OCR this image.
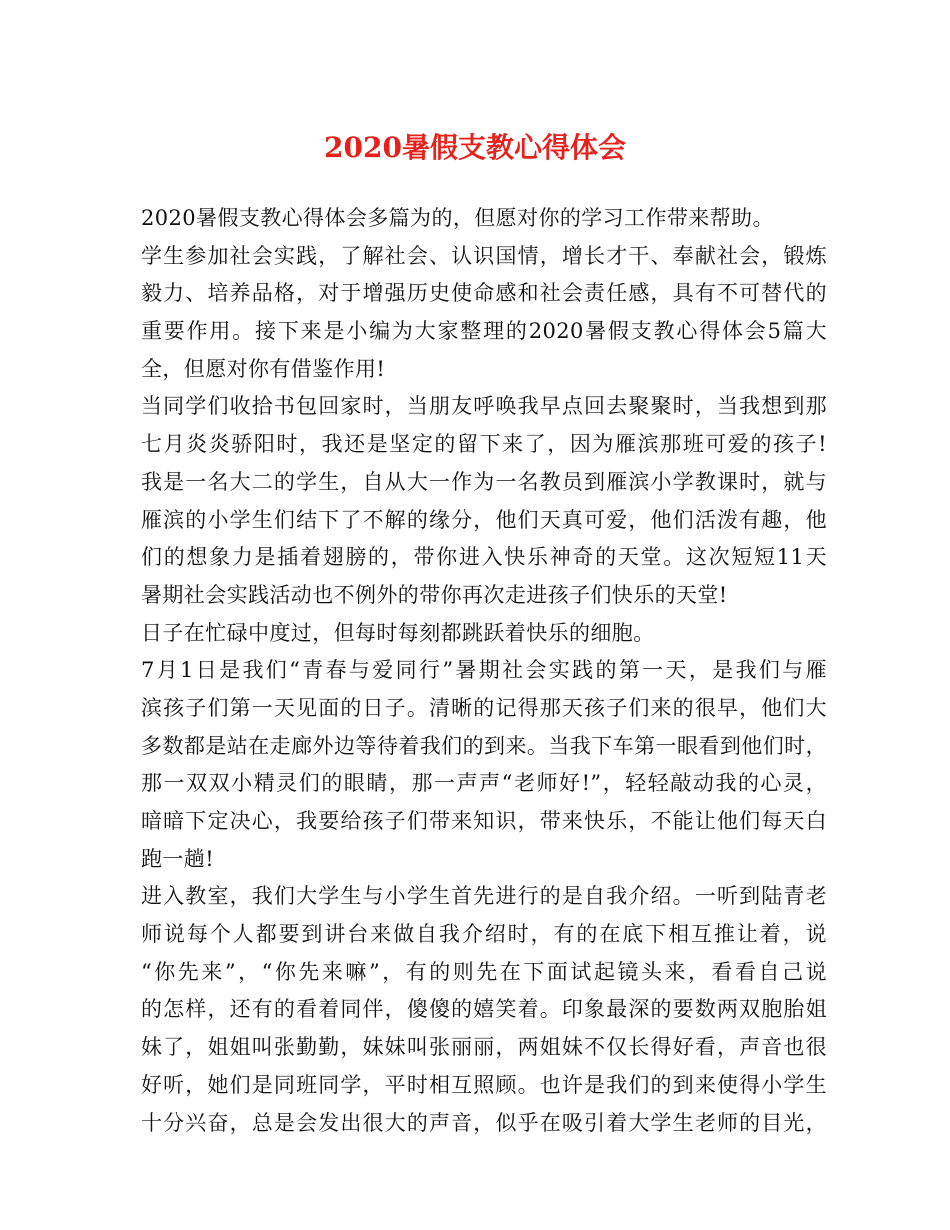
2020暑假支教心得体会
2020暑假支教心得体会多篇为的，但愿对你的学习工作带来帮助。
学生参加社会实践，了解社会、认识国情，增长才干、奉献社会，锻炼
毅力、培养品格，对于增强历史使命感和社会责任感，具有不可替代的
重要作用。接下来是小编为大家整理的2020暑假支教心得体会5篇大
全，但愿对你有借鉴作用!
当同学们收拾书包回家时，当朋友呼唤我早点回去聚聚时，当我想到那
七月炎炎骄阳时，我还是坚定的留下来了，因为雁滨那班可爱的孩子!
我是一名大二的学生，自从大一作为一名教员到雁滨小学教课时，就与
雁滨的小学生们结下了不解的缘分，他们天真可爱，他们活泼有趣，他
们的想象力是插着翅膀的，带你进入快乐神奇的天堂。这次短短11天
暑期社会实践活动也不例外的带你再次走进孩子们快乐的天堂!
日子在忙碌中度过，但每时每刻都跳跃着快乐的细胞。
7月1日是我们“青春与爱同行”暑期社会实践的第一天，是我们与雁
滨孩子们第一天见面的日子。清晰的记得那天孩子们来的很早，他们大
多数都是站在走廊外边等待着我们的到来。当我下车第一眼看到他们时，
那一双双小精灵们的眼睛，那一声声“老师好!”，轻轻敲动我的心灵，
暗暗下定决心，我要给孩子们带来知识，带来快乐，不能让他们每天白
跑一趟!
进入教室，我们大学生与小学生首先进行的是自我介绍。一听到陆青老
师说每个人都要到讲台来做自我介绍时，有的在底下相互推让着，说
“你先来”，“你先来嘛”，有的则先在下面试起镜头来，看看自己说
的怎样，还有的看着同伴，傻傻的嬉笑着。印象最深的要数两双胞胎姐
妹了，姐姐叫张勤勤，妹妹叫张丽丽，两姐妹不仅长得好看，声音也很
好听，她们是同班同学，平时相互照顾。也许是我们的到来使得小学生
十分兴奋，总是会发出很大的声音，似乎在吸引着大学生老师的目光，
